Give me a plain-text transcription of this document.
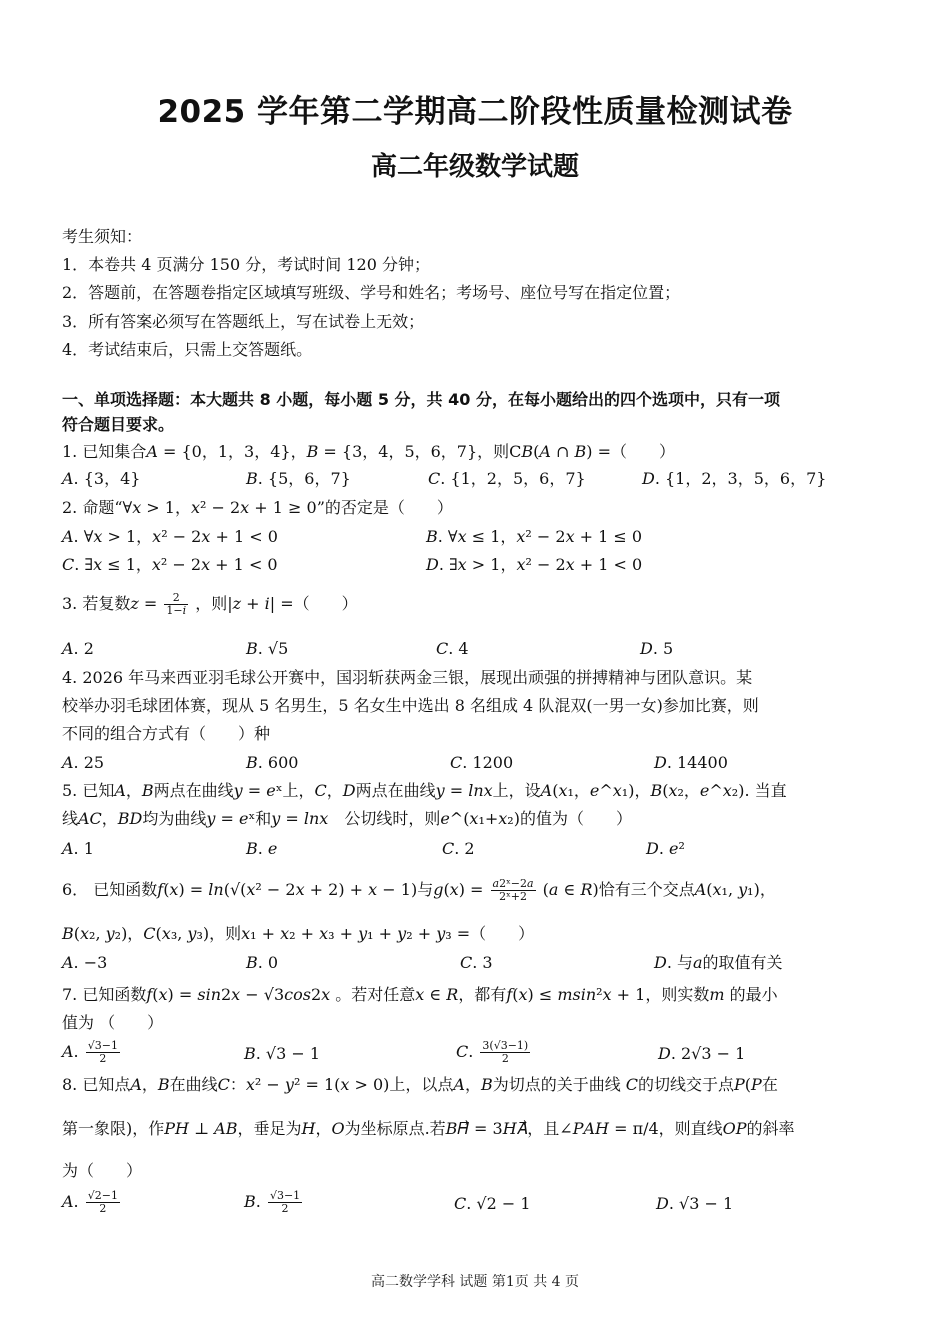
2025 学年第二学期高二阶段性质量检测试卷
高二年级数学试题
考生须知：
1．本卷共 4 页满分 150 分，考试时间 120 分钟；
2．答题前，在答题卷指定区域填写班级、学号和姓名；考场号、座位号写在指定位置；
3．所有答案必须写在答题纸上，写在试卷上无效；
4．考试结束后，只需上交答题纸。
一、单项选择题：本大题共 8 小题，每小题 5 分，共 40 分，在每小题给出的四个选项中，只有一项
符合题目要求。
1. 已知集合𝐴 = {0，1，3，4}，𝐵 = {3，4，5，6，7}，则C𝐵(𝐴 ∩ 𝐵) =（　　）
𝐴. {3，4}	𝐵. {5，6，7}	𝐶. {1，2，5，6，7}	𝐷. {1，2，3，5，6，7}
2. 命题“∀𝑥 > 1，𝑥² − 2𝑥 + 1 ≥ 0”的否定是（　　）
𝐴. ∀𝑥 > 1，𝑥² − 2𝑥 + 1 < 0	𝐵. ∀𝑥 ≤ 1，𝑥² − 2𝑥 + 1 ≤ 0
𝐶. ∃𝑥 ≤ 1，𝑥² − 2𝑥 + 1 < 0	𝐷. ∃𝑥 > 1，𝑥² − 2𝑥 + 1 < 0
3. 若复数𝑧 = $\frac{2}{\text{1−𝑖}}$ ，则|𝑧 + 𝑖| =（　　）
𝐴. 2	𝐵. √5	𝐶. 4	𝐷. 5
4. 2026 年马来西亚羽毛球公开赛中，国羽斩获两金三银，展现出顽强的拼搏精神与团队意识。某
校举办羽毛球团体赛，现从 5 名男生，5 名女生中选出 8 名组成 4 队混双(一男一女)参加比赛，则
不同的组合方式有（　　）种
𝐴. 25	𝐵. 600	𝐶. 1200	𝐷. 14400
5. 已知𝐴，𝐵两点在曲线𝑦 = 𝑒ˣ上，𝐶，𝐷两点在曲线𝑦 = 𝑙𝑛𝑥上，设𝐴(𝑥₁，𝑒^𝑥₁)，𝐵(𝑥₂，𝑒^𝑥₂). 当直
线𝐴𝐶，𝐵𝐷均为曲线𝑦 = 𝑒ˣ和𝑦 = 𝑙𝑛𝑥　公切线时，则𝑒^(𝑥₁+𝑥₂)的值为（　　）
𝐴. 1	𝐵. 𝑒	𝐶. 2	𝐷. 𝑒²
6． 已知函数𝑓(𝑥) = 𝑙𝑛(√(𝑥² − 2𝑥 + 2) + 𝑥 − 1)与𝑔(𝑥) = $\frac{\text{𝑎2ˣ−2𝑎}}{\text{2ˣ+2}}$ (𝑎 ∈ 𝑅)恰有三个交点𝐴(𝑥₁, 𝑦₁)，
𝐵(𝑥₂, 𝑦₂)，𝐶(𝑥₃, 𝑦₃)，则𝑥₁ + 𝑥₂ + 𝑥₃ + 𝑦₁ + 𝑦₂ + 𝑦₃ =（　　）
𝐴. −3	𝐵. 0	𝐶. 3	𝐷. 与𝑎的取值有关
7. 已知函数𝑓(𝑥) = 𝑠𝑖𝑛2𝑥 − √3𝑐𝑜𝑠2𝑥 。若对任意𝑥 ∈ 𝑅，都有𝑓(𝑥) ≤ 𝑚𝑠𝑖𝑛²𝑥 + 1，则实数𝑚 的最小
值为 （　　）
𝐴. $\frac{√3-1}{2}$	𝐵. √3 − 1	𝐶. $\frac{3(√3-1)}{2}$	𝐷. 2√3 − 1
8. 已知点𝐴，𝐵在曲线𝐶：𝑥² − 𝑦² = 1(𝑥 > 0)上，以点𝐴，𝐵为切点的关于曲线 𝐶的切线交于点𝑃(𝑃在
第一象限)，作𝑃𝐻 ⊥ 𝐴𝐵，垂足为𝐻，𝑂为坐标原点.若𝐵𝐻⃗ = 3𝐻𝐴⃗，且∠𝑃𝐴𝐻 = π/4，则直线𝑂𝑃的斜率
为（　　）
𝐴. $\frac{√2-1}{2}$	𝐵. $\frac{√3-1}{2}$	𝐶. √2 − 1	𝐷. √3 − 1
高二数学学科 试题 第1页 共 4 页
